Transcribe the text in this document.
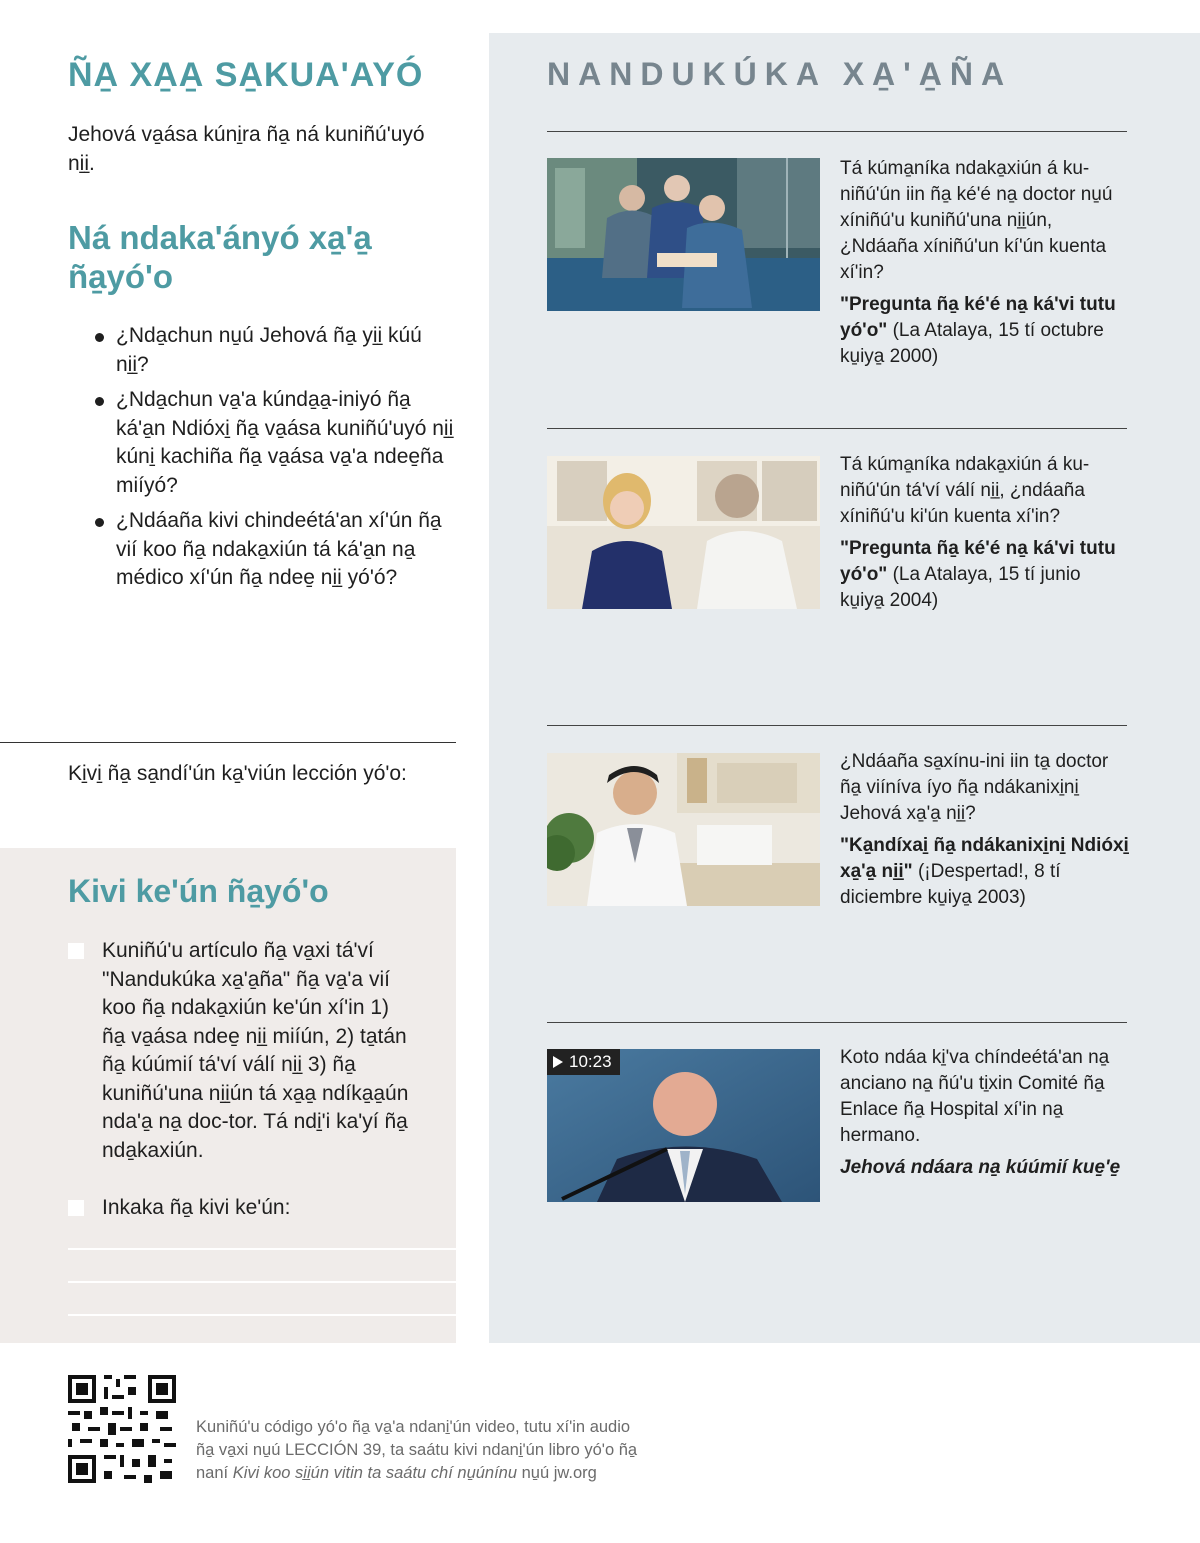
ÑA̱ XA̱A̱ SA̱KUA'AYÓ

Jehová va̱ása kúni̱ra ña̱ ná kuniñú'uyó ni̱i̱.

Ná ndaka'ányó xa̱'a̱ ña̱yó'o
¿Nda̱chun nu̱ú Jehová ña̱ yi̱i̱ kúú ni̱i̱?
¿Nda̱chun va̱'a kúnda̱a̱-iniyó ña̱ ká'a̱n Ndióxi̱ ña̱ va̱ása kuniñú'uyó ni̱i̱ kúni̱ kachiña ña̱ va̱ása va̱'a ndee̱ña miíyó?
¿Ndáaña kivi chindeétá'an xí'ún ña̱ vií koo ña̱ ndaka̱xiún tá ká'a̱n na̱ médico xí'ún ña̱ ndee̱ ni̱i̱ yó'ó?

Ki̱vi̱ ña̱ sa̱ndí'ún ka̱'viún lección yó'o:

Kivi ke'ún ña̱yó'o
Kuniñú'u artículo ña̱ va̱xi tá'ví "Nandukúka xa̱'a̱ña" ña̱ va̱'a vií koo ña̱ ndaka̱xiún ke'ún xí'in 1) ña̱ va̱ása ndee̱ ni̱i̱ miíún, 2) ta̱tán ña̱ kúúmií tá'ví válí ni̱i̱ 3) ña̱ kuniñú'una ni̱i̱ún tá xa̱a̱ ndíka̱a̱ún nda'a̱ na̱ doc-tor. Tá ndi̱'i ka'yí ña̱ nda̱kaxiún.
Inkaka ña̱ kivi ke'ún:
NANDUKÚKA XA̱'A̱ÑA
Tá kúma̱níka ndaka̱xiún á ku-niñú'ún iin ña̱ ké'é na̱ doctor nu̱ú xíniñú'u kuniñú'una ni̱i̱ún, ¿Ndáaña xíniñú'un kí'ún kuenta xí'in?
"Pregunta ña̱ ké'é na̱ ká'vi tutu yó'o" (La Atalaya, 15 tí octubre ku̱iya̱ 2000)
Tá kúma̱níka ndaka̱xiún á ku-niñú'ún tá'ví válí ni̱i̱, ¿ndáaña xíniñú'u ki'ún kuenta xí'in?
"Pregunta ña̱ ké'é na̱ ká'vi tutu yó'o" (La Atalaya, 15 tí junio ku̱iya̱ 2004)
¿Ndáaña sa̱xínu-ini iin ta̱ doctor ña̱ viíníva íyo ña̱ ndákanixi̱ni̱ Jehová xa̱'a̱ ni̱i̱?
"Ka̱ndíxai̱ ña̱ ndákanixi̱ni̱ Ndióxi̱ xa̱'a̱ ni̱i̱" (¡Despertad!, 8 tí diciembre ku̱iya̱ 2003)
10:23	Koto ndáa ki̱'va chíndeétá'an na̱ anciano na̱ ñú'u ti̱xin Comité ña̱ Enlace ña̱ Hospital xí'in na̱ hermano.
Jehová ndáara na̱ kúúmií kue̱'e̱
Kuniñú'u código yó'o ña̱ va̱'a ndani̱'ún video, tutu xí'in audio
ña̱ va̱xi nu̱ú LECCIÓN 39, ta saátu kivi ndani̱'ún libro yó'o ña̱
naní Kivi koo si̱i̱ún vitin ta saátu chí nu̱únínu nu̱ú jw.org
